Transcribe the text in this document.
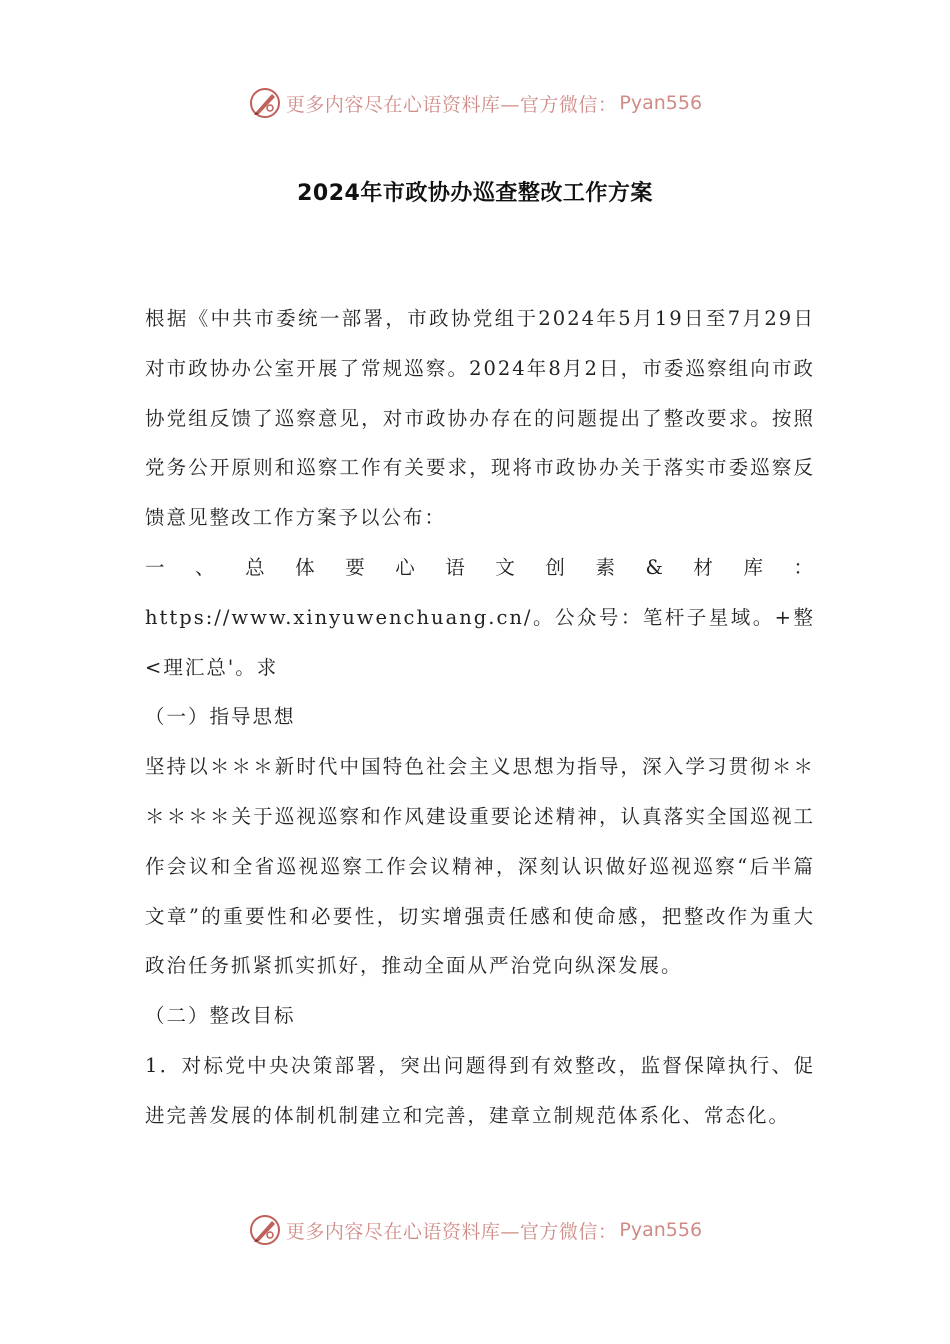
更多内容尽在心语资料库—官方微信： Pyan556
2024年市政协办巡查整改工作方案

根据《中共市委统一部署，市政协党组于2024年5月19日至7月29日对市政协办公室开展了常规巡察。2024年8月2日，市委巡察组向市政协党组反馈了巡察意见，对市政协办存在的问题提出了整改要求。按照党务公开原则和巡察工作有关要求，现将市政协办关于落实市委巡察反馈意见整改工作方案予以公布：

一、总体要心语文创素&材库：https://www.xinyuwenchuang.cn/。公众号：笔杆子星域。+整<理汇总'。求

（一）指导思想

坚持以＊＊＊新时代中国特色社会主义思想为指导，深入学习贯彻＊＊＊＊＊＊关于巡视巡察和作风建设重要论述精神，认真落实全国巡视工作会议和全省巡视巡察工作会议精神，深刻认识做好巡视巡察“后半篇文章”的重要性和必要性，切实增强责任感和使命感，把整改作为重大政治任务抓紧抓实抓好，推动全面从严治党向纵深发展。

（二）整改目标

1．对标党中央决策部署，突出问题得到有效整改，监督保障执行、促进完善发展的体制机制建立和完善，建章立制规范体系化、常态化。

更多内容尽在心语资料库—官方微信： Pyan556
